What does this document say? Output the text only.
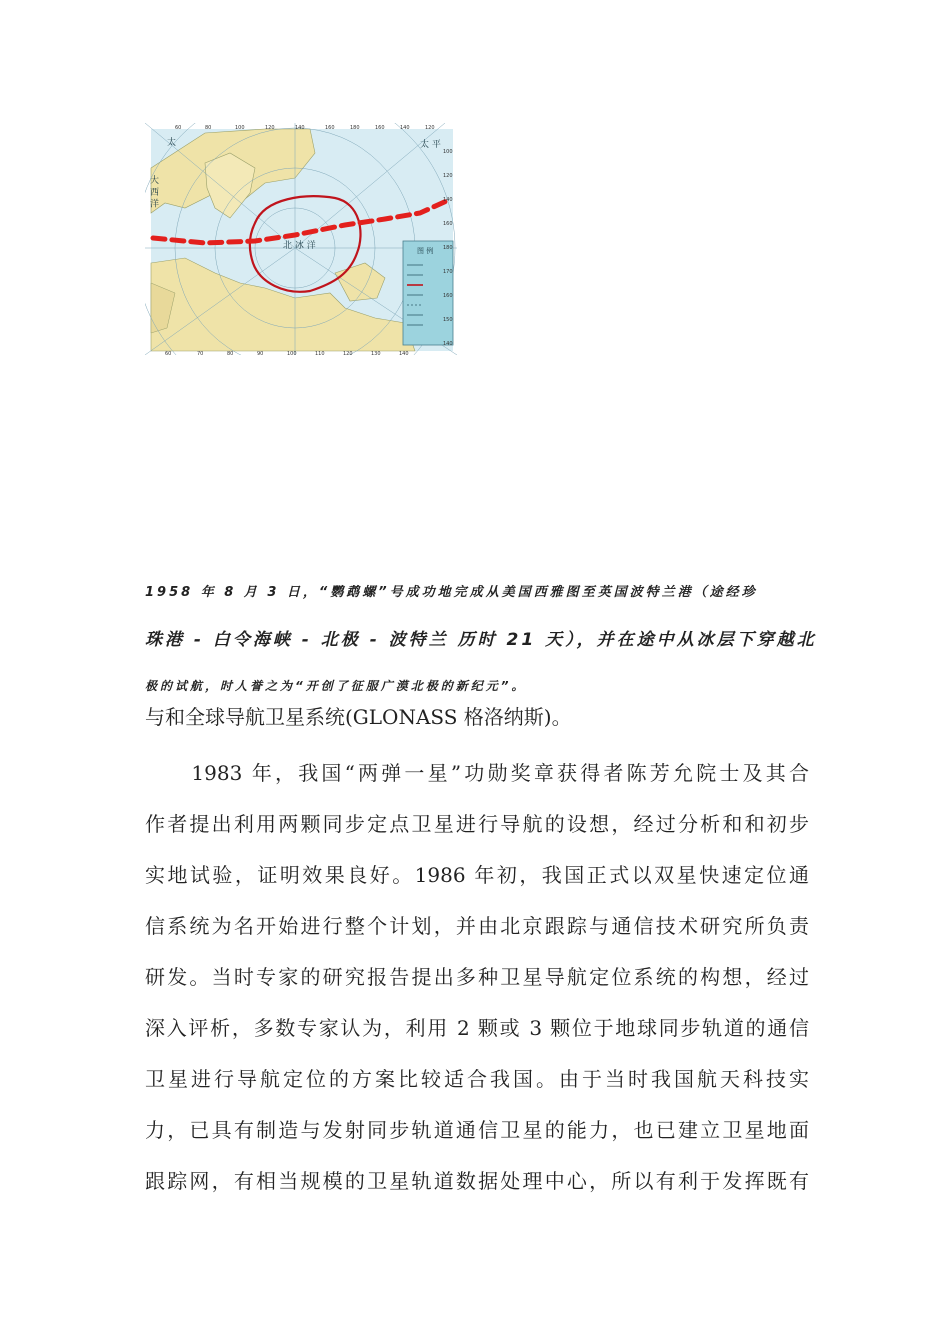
图 例
北 冰 洋
太	太 平
大 西 洋
60	80	100	120	140	160	180	160	140	120
60	70	80	90	100	110	120	130	140
100
120
140
160
180
170
160
150
140
1958 年 8 月 3 日，“鹦鹉螺”号成功地完成从美国西雅图至英国波特兰港（途经珍
珠港 - 白令海峡 - 北极 - 波特兰 历时 21 天），并在途中从冰层下穿越北
极的试航，时人誉之为“开创了征服广漠北极的新纪元”。
与和全球导航卫星系统(GLONASS 格洛纳斯)。
　　1983 年，我国“两弹一星”功勋奖章获得者陈芳允院士及其合
作者提出利用两颗同步定点卫星进行导航的设想，经过分析和和初步
实地试验，证明效果良好。1986 年初，我国正式以双星快速定位通
信系统为名开始进行整个计划，并由北京跟踪与通信技术研究所负责
研发。当时专家的研究报告提出多种卫星导航定位系统的构想，经过
深入评析，多数专家认为，利用 2 颗或 3 颗位于地球同步轨道的通信
卫星进行导航定位的方案比较适合我国。由于当时我国航天科技实
力，已具有制造与发射同步轨道通信卫星的能力，也已建立卫星地面
跟踪网，有相当规模的卫星轨道数据处理中心，所以有利于发挥既有
